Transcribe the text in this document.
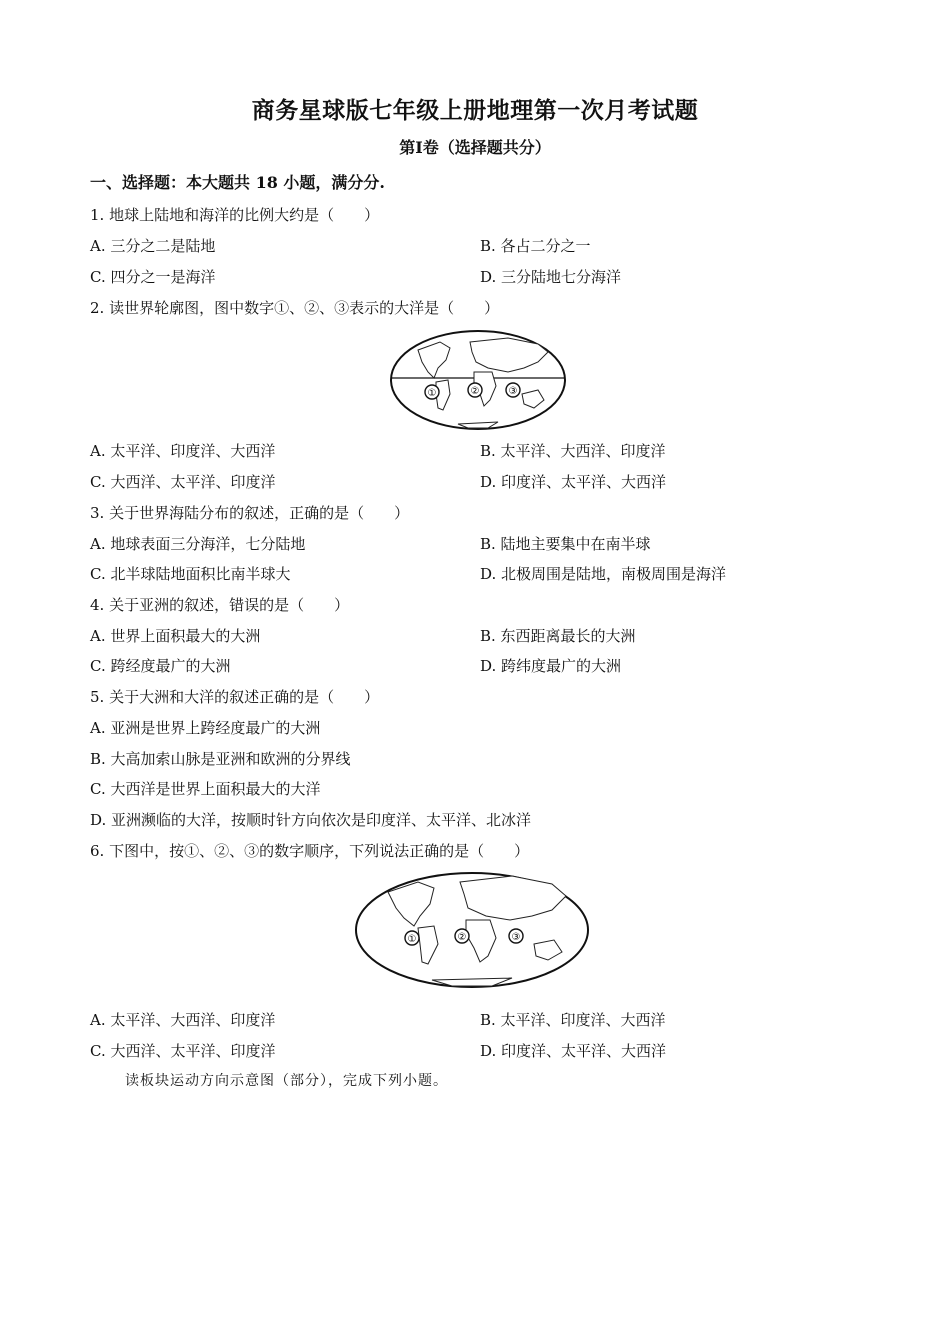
商务星球版七年级上册地理第一次月考试题
第Ⅰ卷（选择题共分）
一、选择题：本大题共 18 小题，满分分.
1. 地球上陆地和海洋的比例大约是（　　）
A. 三分之二是陆地	B. 各占二分之一
C. 四分之一是海洋	D. 三分陆地七分海洋
2. 读世界轮廓图，图中数字①、②、③表示的大洋是（　　）
①	②	③
A. 太平洋、印度洋、大西洋	B. 太平洋、大西洋、印度洋
C. 大西洋、太平洋、印度洋	D. 印度洋、太平洋、大西洋
3. 关于世界海陆分布的叙述，正确的是（　　）
A. 地球表面三分海洋，七分陆地	B. 陆地主要集中在南半球
C. 北半球陆地面积比南半球大	D. 北极周围是陆地，南极周围是海洋
4. 关于亚洲的叙述，错误的是（　　）
A. 世界上面积最大的大洲	B. 东西距离最长的大洲
C. 跨经度最广的大洲	D. 跨纬度最广的大洲
5. 关于大洲和大洋的叙述正确的是（　　）
A. 亚洲是世界上跨经度最广的大洲
B. 大高加索山脉是亚洲和欧洲的分界线
C. 大西洋是世界上面积最大的大洋
D. 亚洲濒临的大洋，按顺时针方向依次是印度洋、太平洋、北冰洋
6. 下图中，按①、②、③的数字顺序，下列说法正确的是（　　）
①	②	③
A. 太平洋、大西洋、印度洋	B. 太平洋、印度洋、大西洋
C. 大西洋、太平洋、印度洋	D. 印度洋、太平洋、大西洋
读板块运动方向示意图（部分），完成下列小题。
